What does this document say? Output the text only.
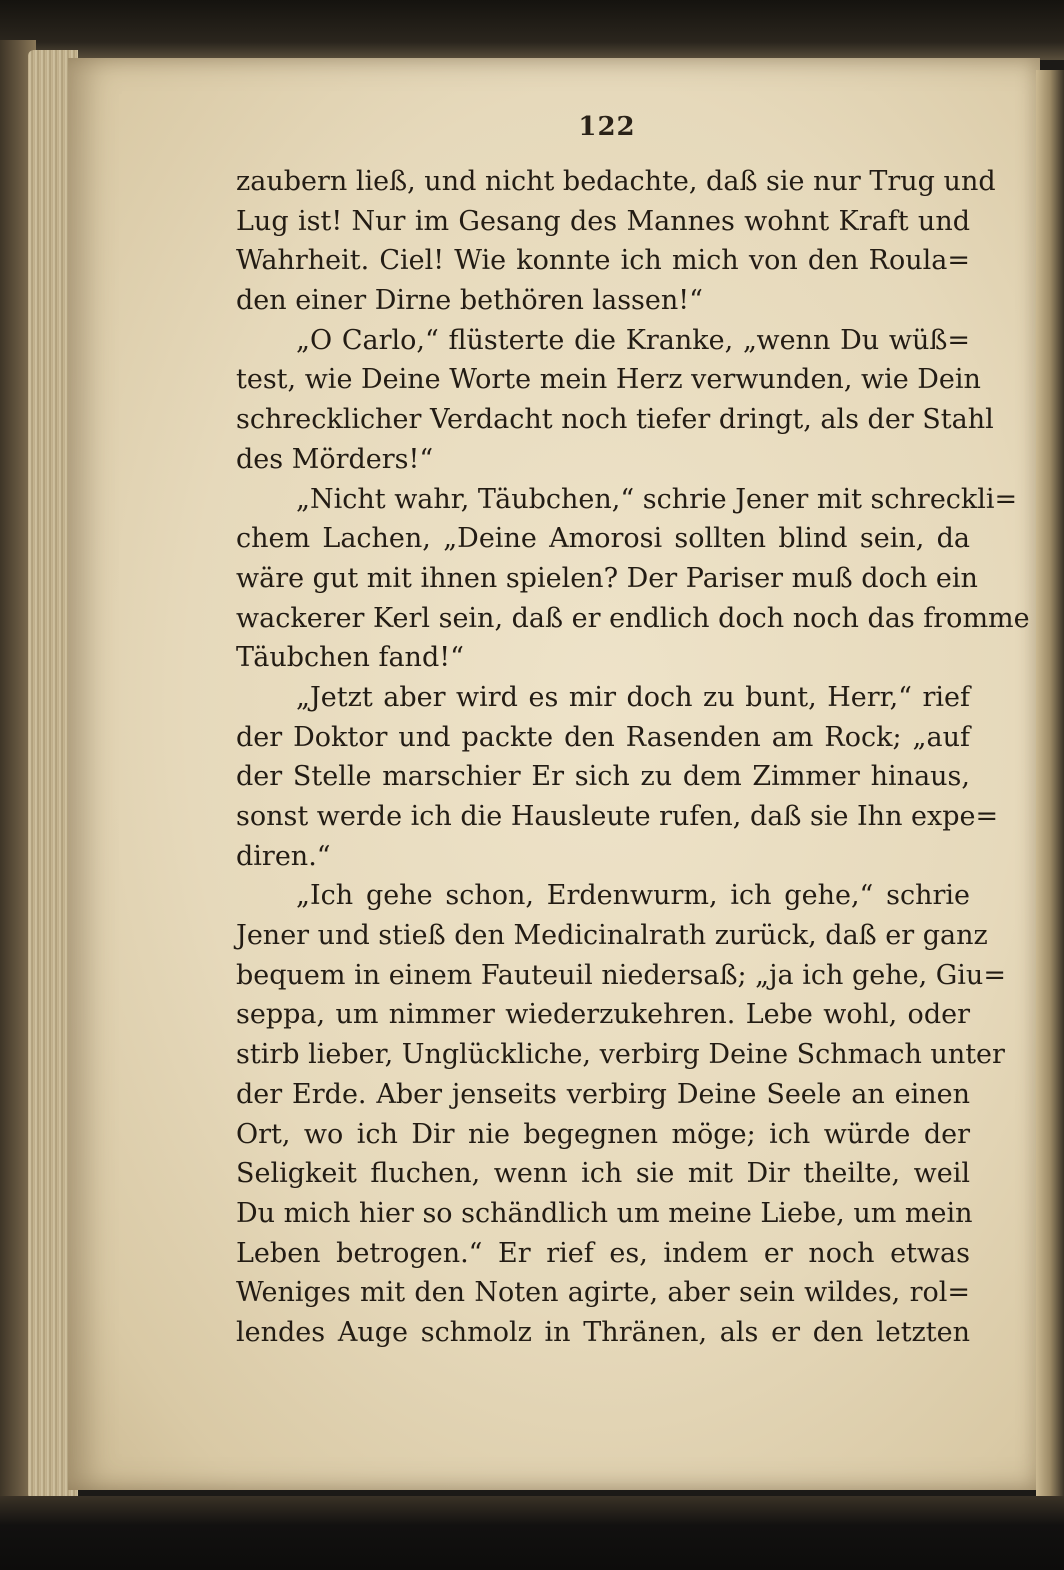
122
zaubern ließ, und nicht bedachte, daß sie nur Trug und
Lug ist! Nur im Gesang des Mannes wohnt Kraft und
Wahrheit. Ciel! Wie konnte ich mich von den Roula=
den einer Dirne bethören lassen!“
„O Carlo,“ flüsterte die Kranke, „wenn Du wüß=
test, wie Deine Worte mein Herz verwunden, wie Dein
schrecklicher Verdacht noch tiefer dringt, als der Stahl
des Mörders!“
„Nicht wahr, Täubchen,“ schrie Jener mit schreckli=
chem Lachen, „Deine Amorosi sollten blind sein, da
wäre gut mit ihnen spielen? Der Pariser muß doch ein
wackerer Kerl sein, daß er endlich doch noch das fromme
Täubchen fand!“
„Jetzt aber wird es mir doch zu bunt, Herr,“ rief
der Doktor und packte den Rasenden am Rock; „auf
der Stelle marschier Er sich zu dem Zimmer hinaus,
sonst werde ich die Hausleute rufen, daß sie Ihn expe=
diren.“
„Ich gehe schon, Erdenwurm, ich gehe,“ schrie
Jener und stieß den Medicinalrath zurück, daß er ganz
bequem in einem Fauteuil niedersaß; „ja ich gehe, Giu=
seppa, um nimmer wiederzukehren. Lebe wohl, oder
stirb lieber, Unglückliche, verbirg Deine Schmach unter
der Erde. Aber jenseits verbirg Deine Seele an einen
Ort, wo ich Dir nie begegnen möge; ich würde der
Seligkeit fluchen, wenn ich sie mit Dir theilte, weil
Du mich hier so schändlich um meine Liebe, um mein
Leben betrogen.“ Er rief es, indem er noch etwas
Weniges mit den Noten agirte, aber sein wildes, rol=
lendes Auge schmolz in Thränen, als er den letzten
